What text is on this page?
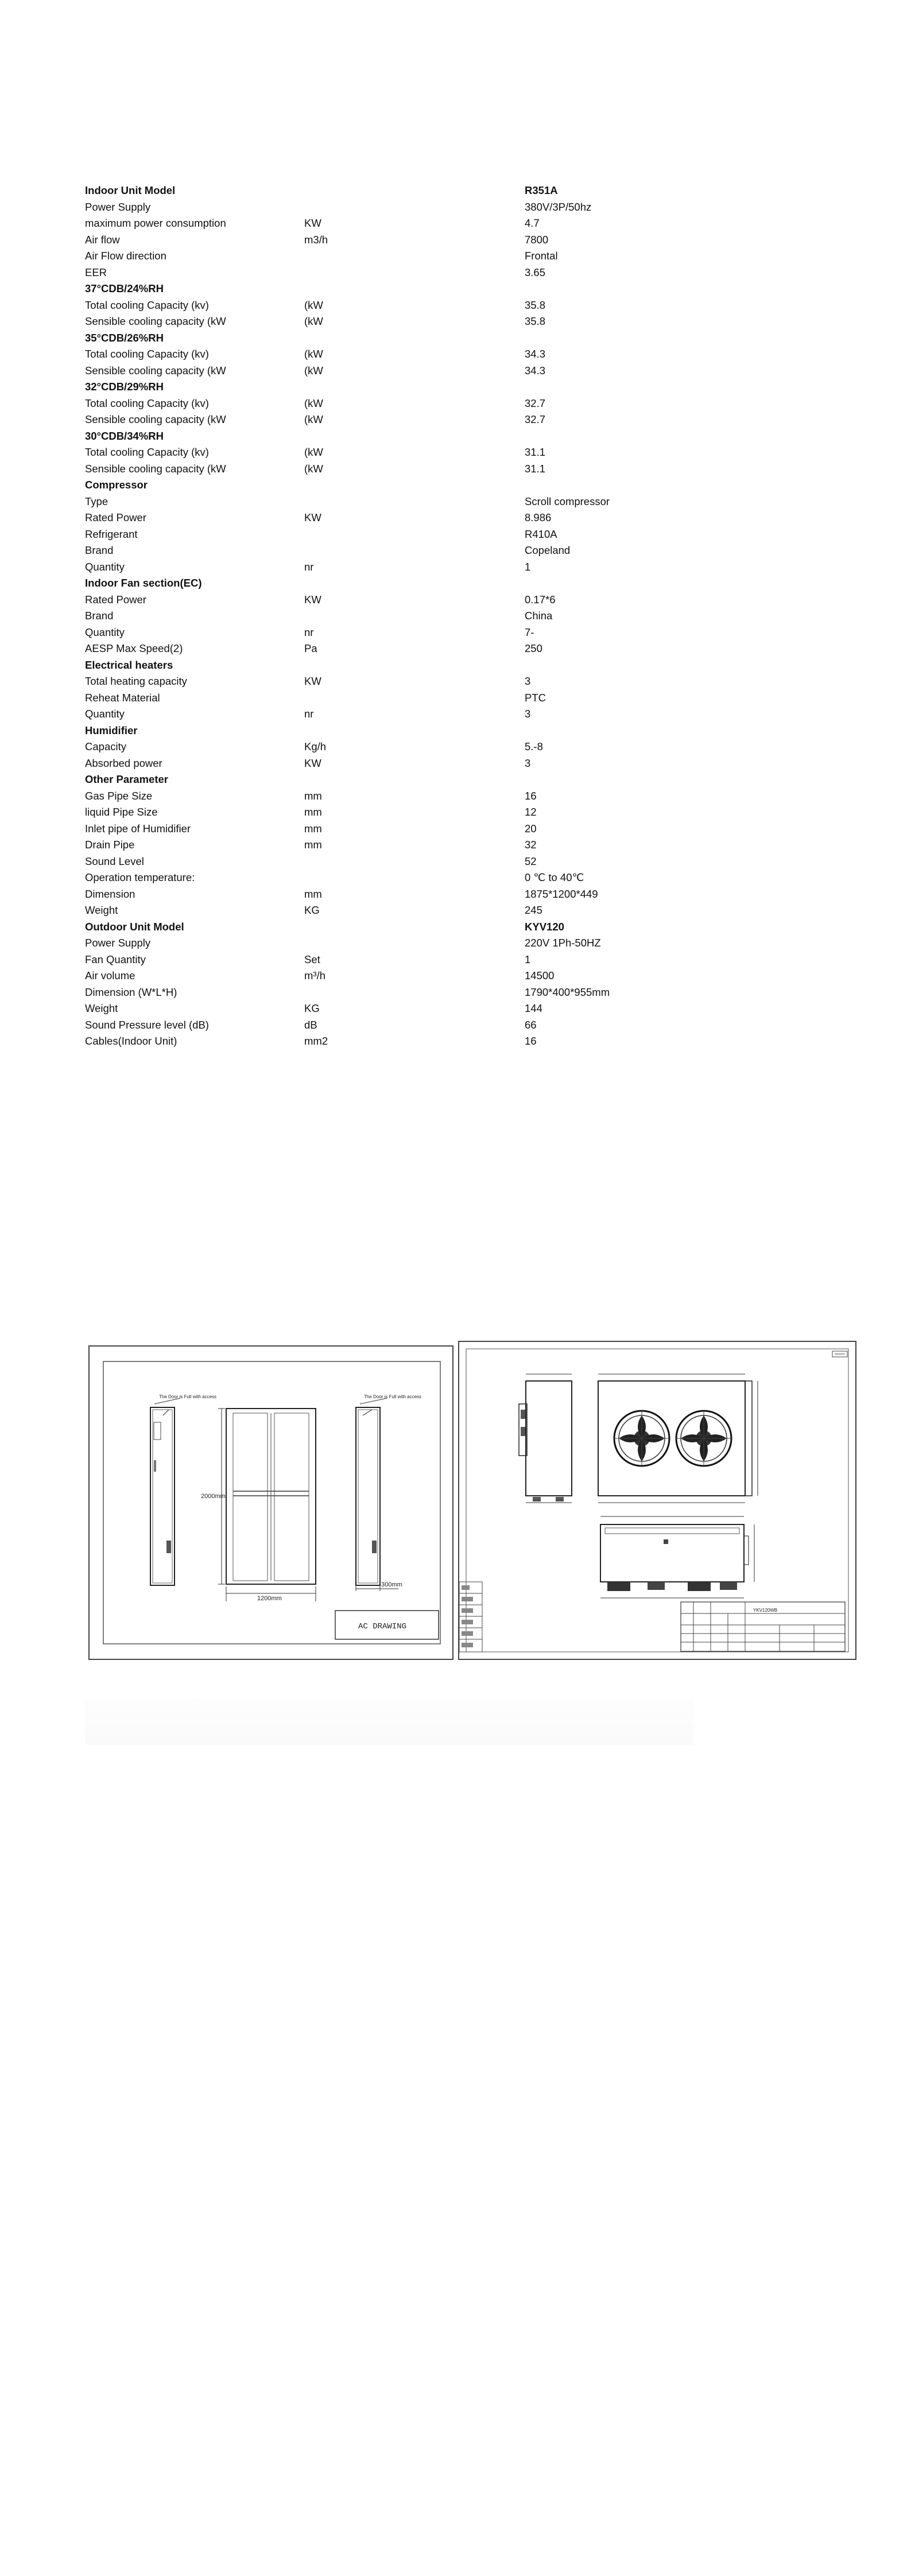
Indoor Unit Model	R351A
Power Supply	380V/3P/50hz
maximum power consumption	KW	4.7
Air flow	m3/h	7800
Air Flow direction	Frontal
EER	3.65
37°CDB/24%RH
Total cooling Capacity (kv)	(kW	35.8
Sensible cooling capacity (kW	(kW	35.8
35°CDB/26%RH
Total cooling Capacity (kv)	(kW	34.3
Sensible cooling capacity (kW	(kW	34.3
32°CDB/29%RH
Total cooling Capacity (kv)	(kW	32.7
Sensible cooling capacity (kW	(kW	32.7
30°CDB/34%RH
Total cooling Capacity (kv)	(kW	31.1
Sensible cooling capacity (kW	(kW	31.1
Compressor
Type	Scroll compressor
Rated Power	KW	8.986
Refrigerant	R410A
Brand	Copeland
Quantity	nr	1
Indoor Fan section(EC)
Rated Power	KW	0.17*6
Brand	China
Quantity	nr	7-
AESP Max Speed(2)	Pa	250
Electrical heaters
Total heating capacity	KW	3
Reheat Material	PTC
Quantity	nr	3
Humidifier
Capacity	Kg/h	5.-8
Absorbed power	KW	3
Other Parameter
Gas Pipe Size	mm	16
liquid Pipe Size	mm	12
Inlet pipe of Humidifier	mm	20
Drain Pipe	mm	32
Sound Level	52
Operation temperature:	0 ℃ to 40℃
Dimension	mm	1875*1200*449
Weight	KG	245
Outdoor Unit Model	KYV120
Power Supply	220V 1Ph-50HZ
Fan Quantity	Set	1
Air volume	m³/h	14500
Dimension (W*L*H)	1790*400*955mm
Weight	KG	144
Sound Pressure level (dB)	dB	66
Cables(Indoor Unit)	mm2	16
The Door is Full with access
2000mm
1200mm
The Door is Full with access
300mm
AC DRAWING
YKV120WB
